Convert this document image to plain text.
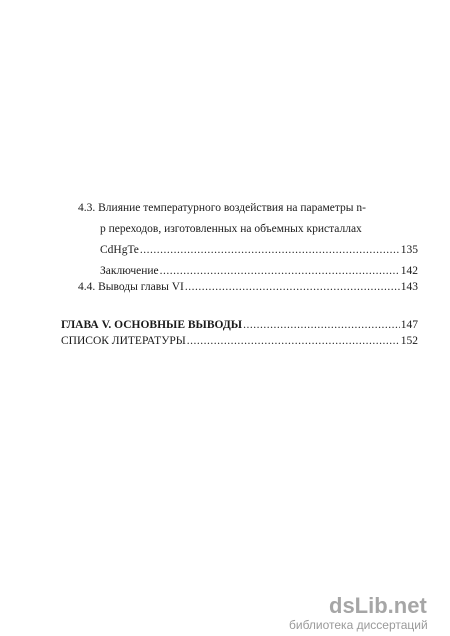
4.3. Влияние температурного воздействия на параметры n-
р переходов, изготовленных на объемных кристаллах
CdHgTe .....	135
Заключение .....	142
4.4. Выводы главы VI .....	143
ГЛАВА V. ОСНОВНЫЕ ВЫВОДЫ .....	147
СПИСОК ЛИТЕРАТУРЫ .....	152
dsLib.net
библиотека диссертаций
